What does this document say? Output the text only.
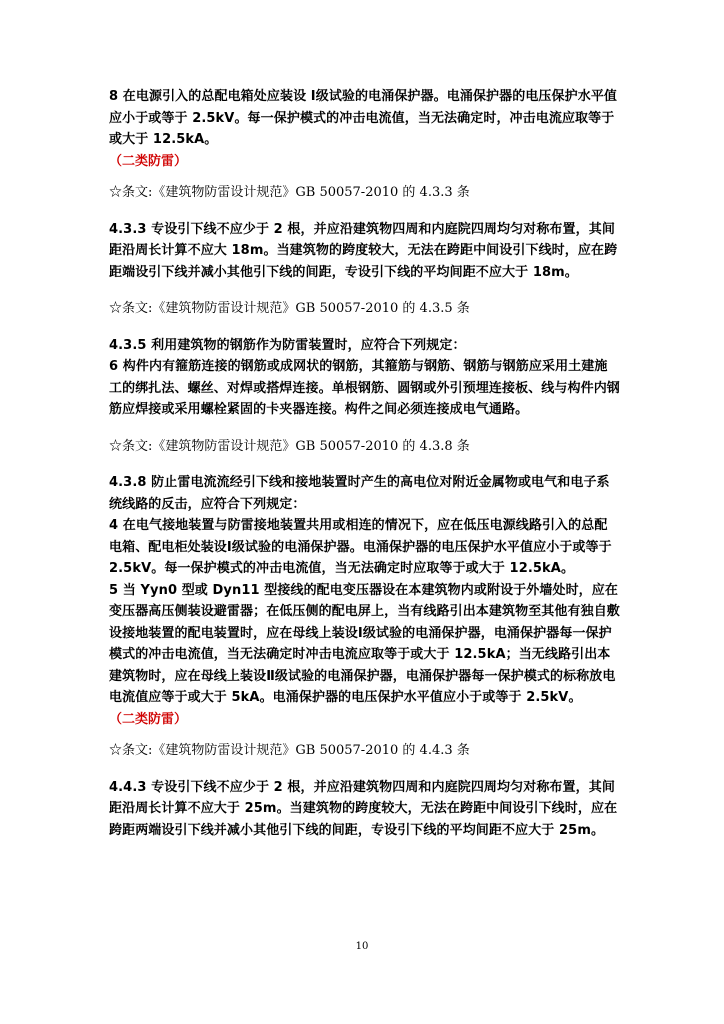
8 在电源引入的总配电箱处应装设 Ⅰ级试验的电涌保护器。电涌保护器的电压保护水平值应小于或等于 2.5kV。每一保护模式的冲击电流值，当无法确定时，冲击电流应取等于或大于 12.5kA。

（二类防雷）

☆条文:《建筑物防雷设计规范》GB 50057-2010 的 4.3.3 条

4.3.3 专设引下线不应少于 2 根，并应沿建筑物四周和内庭院四周均匀对称布置，其间距沿周长计算不应大 18m。当建筑物的跨度较大，无法在跨距中间设引下线时，应在跨距端设引下线并减小其他引下线的间距，专设引下线的平均间距不应大于 18m。

☆条文:《建筑物防雷设计规范》GB 50057-2010 的 4.3.5 条

4.3.5 利用建筑物的钢筋作为防雷装置时，应符合下列规定：
6 构件内有箍筋连接的钢筋或成网状的钢筋，其箍筋与钢筋、钢筋与钢筋应采用土建施工的绑扎法、螺丝、对焊或搭焊连接。单根钢筋、圆钢或外引预埋连接板、线与构件内钢筋应焊接或采用螺栓紧固的卡夹器连接。构件之间必须连接成电气通路。

☆条文:《建筑物防雷设计规范》GB 50057-2010 的 4.3.8 条

4.3.8 防止雷电流流经引下线和接地装置时产生的高电位对附近金属物或电气和电子系统线路的反击，应符合下列规定：
4 在电气接地装置与防雷接地装置共用或相连的情况下，应在低压电源线路引入的总配电箱、配电柜处装设Ⅰ级试验的电涌保护器。电涌保护器的电压保护水平值应小于或等于 2.5kV。每一保护模式的冲击电流值，当无法确定时应取等于或大于 12.5kA。
5 当 Yyn0 型或 Dyn11 型接线的配电变压器设在本建筑物内或附设于外墙处时，应在变压器高压侧装设避雷器；在低压侧的配电屏上，当有线路引出本建筑物至其他有独自敷设接地装置的配电装置时，应在母线上装设Ⅰ级试验的电涌保护器，电涌保护器每一保护模式的冲击电流值，当无法确定时冲击电流应取等于或大于 12.5kA；当无线路引出本建筑物时，应在母线上装设Ⅱ级试验的电涌保护器，电涌保护器每一保护模式的标称放电电流值应等于或大于 5kA。电涌保护器的电压保护水平值应小于或等于 2.5kV。

（二类防雷）

☆条文:《建筑物防雷设计规范》GB 50057-2010 的 4.4.3 条

4.4.3 专设引下线不应少于 2 根，并应沿建筑物四周和内庭院四周均匀对称布置，其间距沿周长计算不应大于 25m。当建筑物的跨度较大，无法在跨距中间设引下线时，应在跨距两端设引下线并减小其他引下线的间距，专设引下线的平均间距不应大于 25m。

10
